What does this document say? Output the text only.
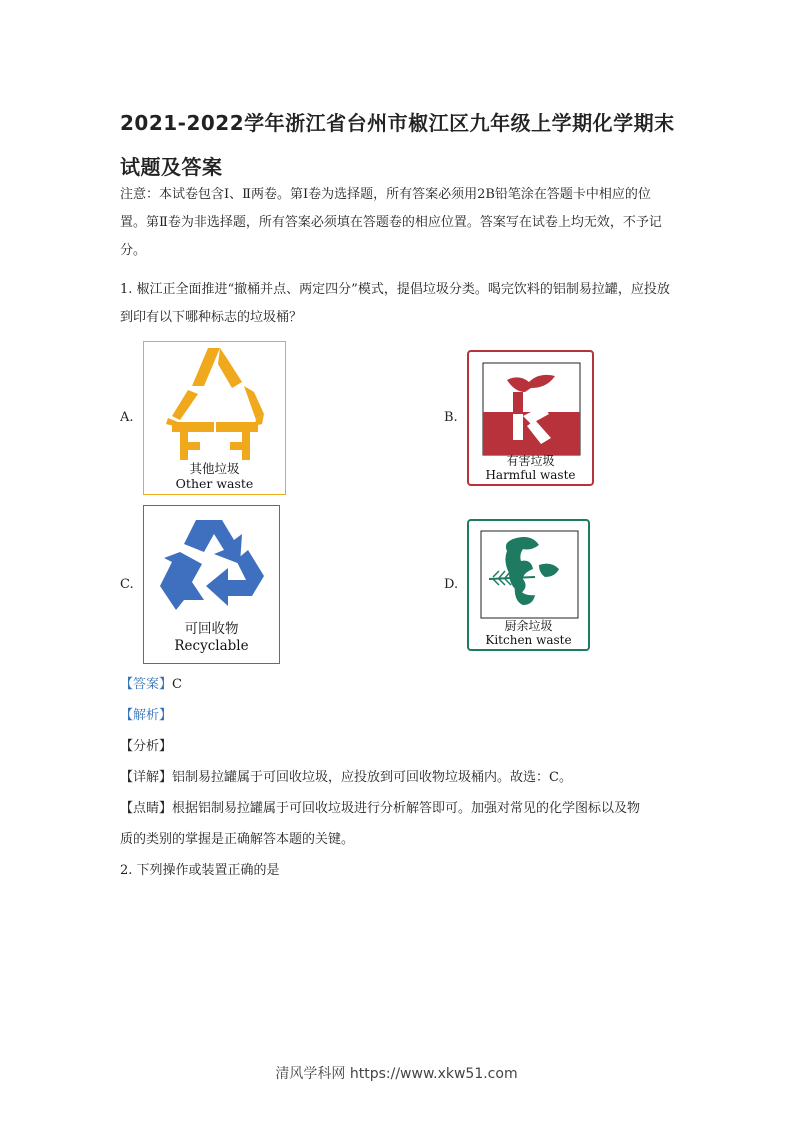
2021-2022学年浙江省台州市椒江区九年级上学期化学期末试题及答案
注意：本试卷包含Ⅰ、Ⅱ两卷。第Ⅰ卷为选择题，所有答案必须用2B铅笔涂在答题卡中相应的位置。第Ⅱ卷为非选择题，所有答案必须填在答题卷的相应位置。答案写在试卷上均无效，不予记分。
1. 椒江正全面推进“撤桶并点、两定四分”模式，提倡垃圾分类。喝完饮料的铝制易拉罐，应投放到印有以下哪种标志的垃圾桶？
A.
其他垃圾
Other waste
B.
有害垃圾
Harmful waste
C.
可回收物
Recyclable
D.
厨余垃圾
Kitchen waste
【答案】C
【解析】
【分析】
【详解】铝制易拉罐属于可回收垃圾，应投放到可回收物垃圾桶内。故选：C。
【点睛】根据铝制易拉罐属于可回收垃圾进行分析解答即可。加强对常见的化学图标以及物
质的类别的掌握是正确解答本题的关键。
2. 下列操作或装置正确的是
清风学科网 https://www.xkw51.com
